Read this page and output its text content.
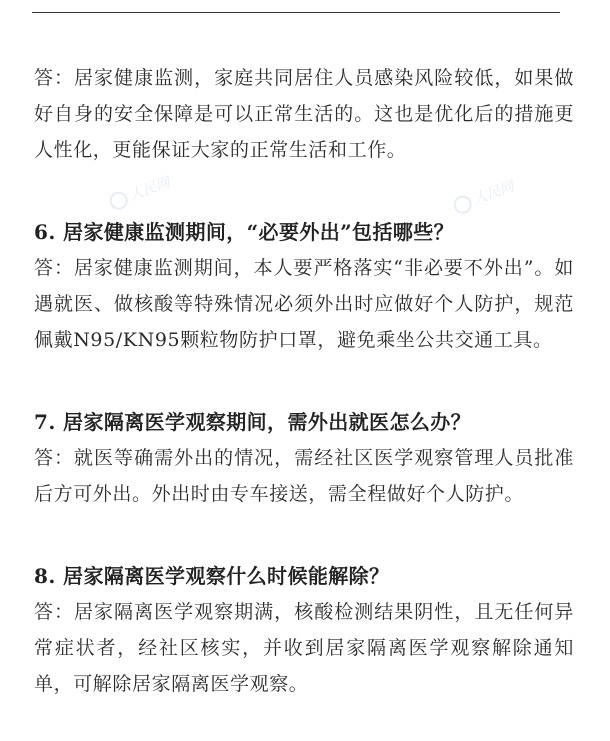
人民网	人民网

答：居家健康监测，家庭共同居住人员感染风险较低，如果做好自身的安全保障是可以正常生活的。这也是优化后的措施更人性化，更能保证大家的正常生活和工作。

6. 居家健康监测期间，“必要外出”包括哪些？

答：居家健康监测期间，本人要严格落实“非必要不外出”。如遇就医、做核酸等特殊情况必须外出时应做好个人防护，规范佩戴N95/KN95颗粒物防护口罩，避免乘坐公共交通工具。

7. 居家隔离医学观察期间，需外出就医怎么办？

答：就医等确需外出的情况，需经社区医学观察管理人员批准后方可外出。外出时由专车接送，需全程做好个人防护。

8. 居家隔离医学观察什么时候能解除？

答：居家隔离医学观察期满，核酸检测结果阴性，且无任何异常症状者，经社区核实，并收到居家隔离医学观察解除通知单，可解除居家隔离医学观察。
